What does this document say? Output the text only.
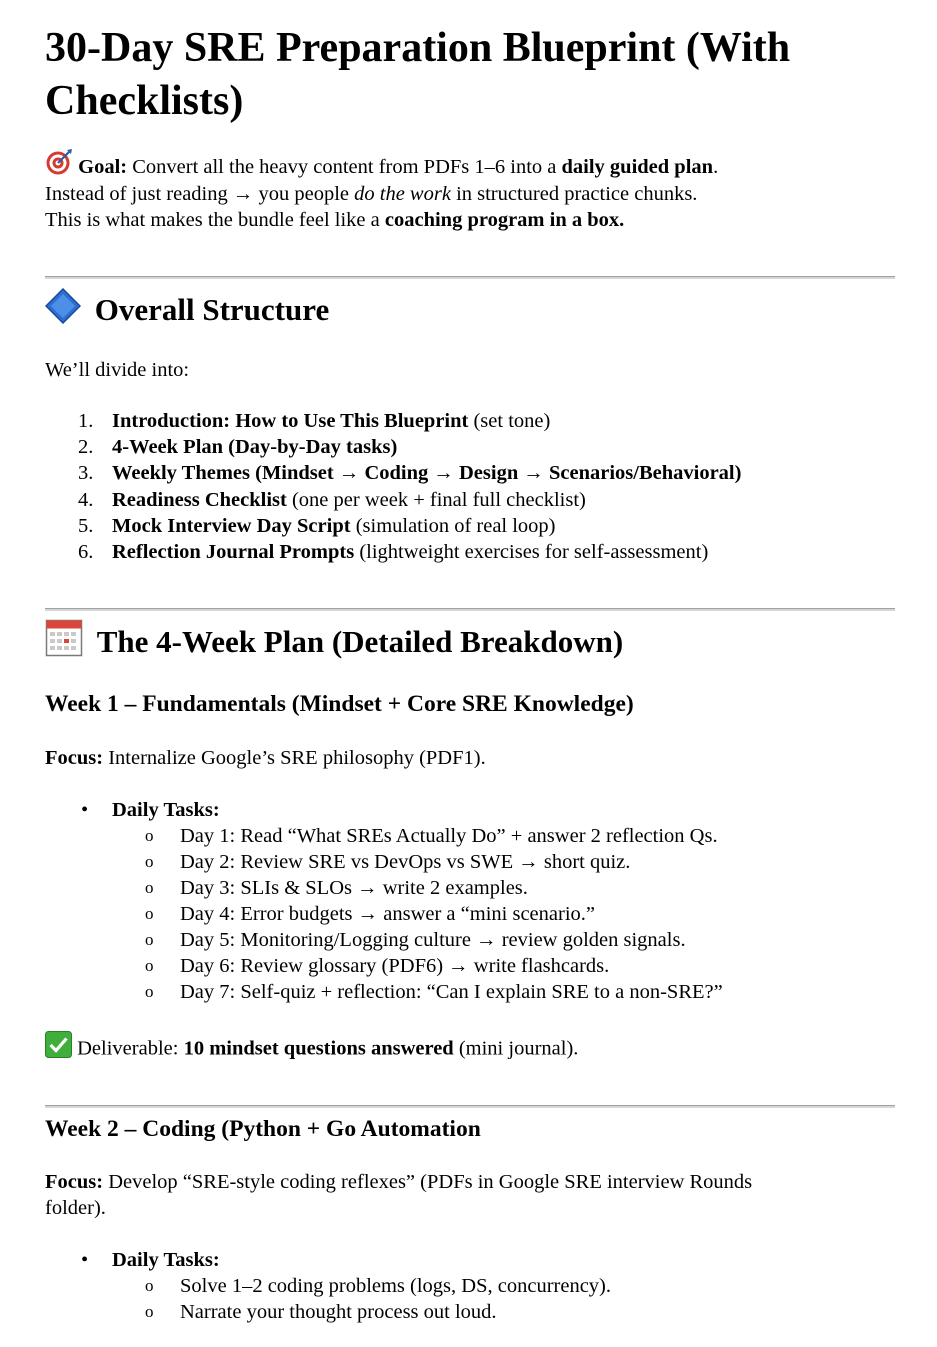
30-Day SRE Preparation Blueprint (With Checklists)
Goal: Convert all the heavy content from PDFs 1–6 into a daily guided plan.
Instead of just reading → you people do the work in structured practice chunks.
This is what makes the bundle feel like a coaching program in a box.
Overall Structure
We’ll divide into:
1. Introduction: How to Use This Blueprint (set tone)
2. 4-Week Plan (Day-by-Day tasks)
3. Weekly Themes (Mindset → Coding → Design → Scenarios/Behavioral)
4. Readiness Checklist (one per week + final full checklist)
5. Mock Interview Day Script (simulation of real loop)
6. Reflection Journal Prompts (lightweight exercises for self-assessment)
The 4-Week Plan (Detailed Breakdown)
Week 1 – Fundamentals (Mindset + Core SRE Knowledge)
Focus: Internalize Google’s SRE philosophy (PDF1).
• Daily Tasks:
o Day 1: Read “What SREs Actually Do” + answer 2 reflection Qs.
o Day 2: Review SRE vs DevOps vs SWE → short quiz.
o Day 3: SLIs & SLOs → write 2 examples.
o Day 4: Error budgets → answer a “mini scenario.”
o Day 5: Monitoring/Logging culture → review golden signals.
o Day 6: Review glossary (PDF6) → write flashcards.
o Day 7: Self-quiz + reflection: “Can I explain SRE to a non-SRE?”
Deliverable: 10 mindset questions answered (mini journal).
Week 2 – Coding (Python + Go Automation
Focus: Develop “SRE-style coding reflexes” (PDFs in Google SRE interview Rounds
folder).
• Daily Tasks:
o Solve 1–2 coding problems (logs, DS, concurrency).
o Narrate your thought process out loud.
